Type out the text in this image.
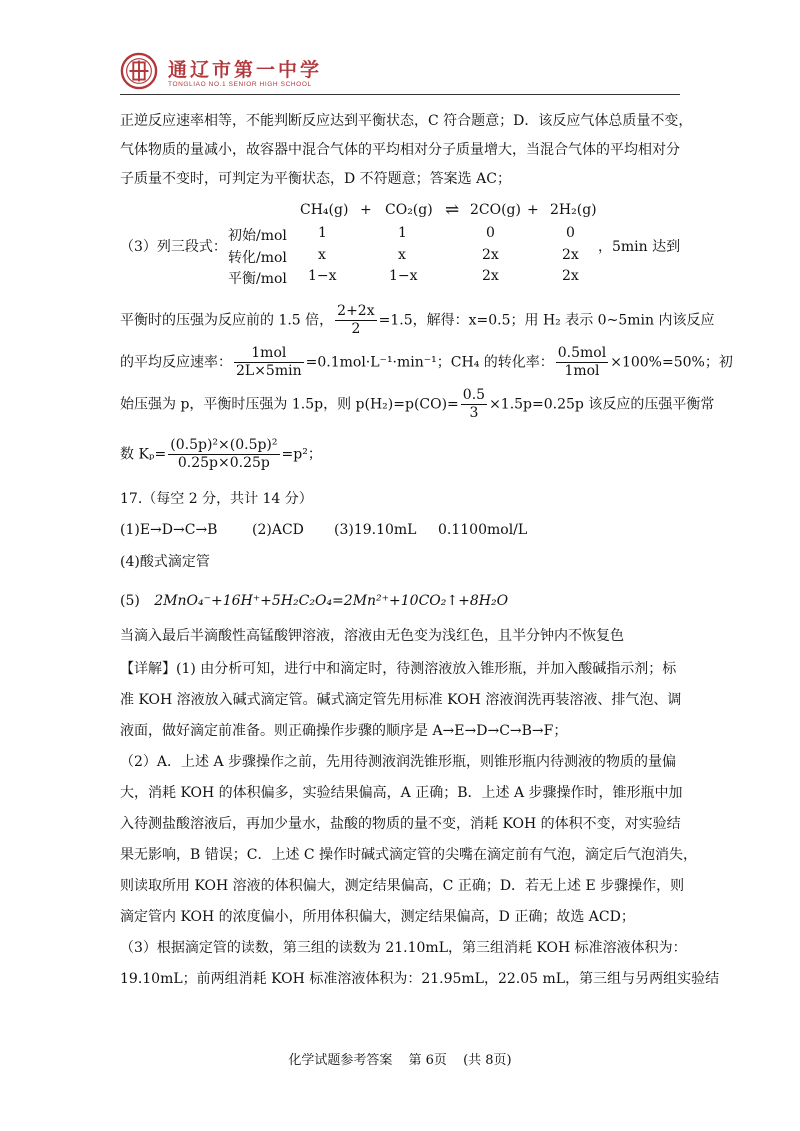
通辽市第一中学
TONGLIAO NO.1 SENIOR HIGH SCHOOL
正逆反应速率相等，不能判断反应达到平衡状态，C 符合题意；D．该反应气体总质量不变，
气体物质的量减小，故容器中混合气体的平均相对分子质量增大，当混合气体的平均相对分
子质量不变时，可判定为平衡状态，D 不符题意；答案选 AC；
CH₄(g) + CO₂(g) ⇌ 2CO(g) + 2H₂(g)
（3）列三段式：
初始/mol 1	1	0	0
转化/mol x	x	2x	2x
平衡/mol 1−x	1−x	2x	2x
，5min 达到
平衡时的压强为反应前的 1.5 倍， $\frac{2+2x}{2} =1.5$，解得：x=0.5；用 H₂ 表示 0~5min 内该反应
的平均反应速率： $\frac{\text{1mol}}{2L\times 5\min} =0.1mol\cdot L^{-1}\cdot\min^{-1}$；CH₄ 的转化率： $\frac{\text{0.5mol}}{\text{1mol}} \times 100\%=50\%$；初
始压强为 p，平衡时压强为 1.5p，则 $p(H_2)=p(CO)= \frac{0.5}{3} \times 1.5p=0.25p$ 该反应的压强平衡常
数 $K_p= \frac{\text{(0.5p)²×(0.5p)²}}{0.25p\times 0.25p} =p^2$；
17.（每空 2 分，共计 14 分）
(1)E→D→C→B (2)ACD (3)19.10mL 0.1100mol/L
(4)酸式滴定管
(5) 2MnO₄⁻+16H⁺+5H₂C₂O₄=2Mn²⁺+10CO₂↑+8H₂O
当滴入最后半滴酸性高锰酸钾溶液，溶液由无色变为浅红色，且半分钟内不恢复色
【详解】(1) 由分析可知，进行中和滴定时，待测溶液放入锥形瓶，并加入酸碱指示剂；标
准 KOH 溶液放入碱式滴定管。碱式滴定管先用标准 KOH 溶液润洗再装溶液、排气泡、调
液面，做好滴定前准备。则正确操作步骤的顺序是 A→E→D→C→B→F；
（2）A．上述 A 步骤操作之前，先用待测液润洗锥形瓶，则锥形瓶内待测液的物质的量偏
大，消耗 KOH 的体积偏多，实验结果偏高，A 正确；B．上述 A 步骤操作时，锥形瓶中加
入待测盐酸溶液后，再加少量水，盐酸的物质的量不变，消耗 KOH 的体积不变，对实验结
果无影响，B 错误；C．上述 C 操作时碱式滴定管的尖嘴在滴定前有气泡，滴定后气泡消失，
则读取所用 KOH 溶液的体积偏大，测定结果偏高，C 正确；D．若无上述 E 步骤操作，则
滴定管内 KOH 的浓度偏小，所用体积偏大，测定结果偏高，D 正确；故选 ACD；
（3）根据滴定管的读数，第三组的读数为 21.10mL，第三组消耗 KOH 标准溶液体积为：
19.10mL；前两组消耗 KOH 标准溶液体积为：21.95mL，22.05 mL，第三组与另两组实验结
化学试题参考答案 第 6页 (共 8页)
